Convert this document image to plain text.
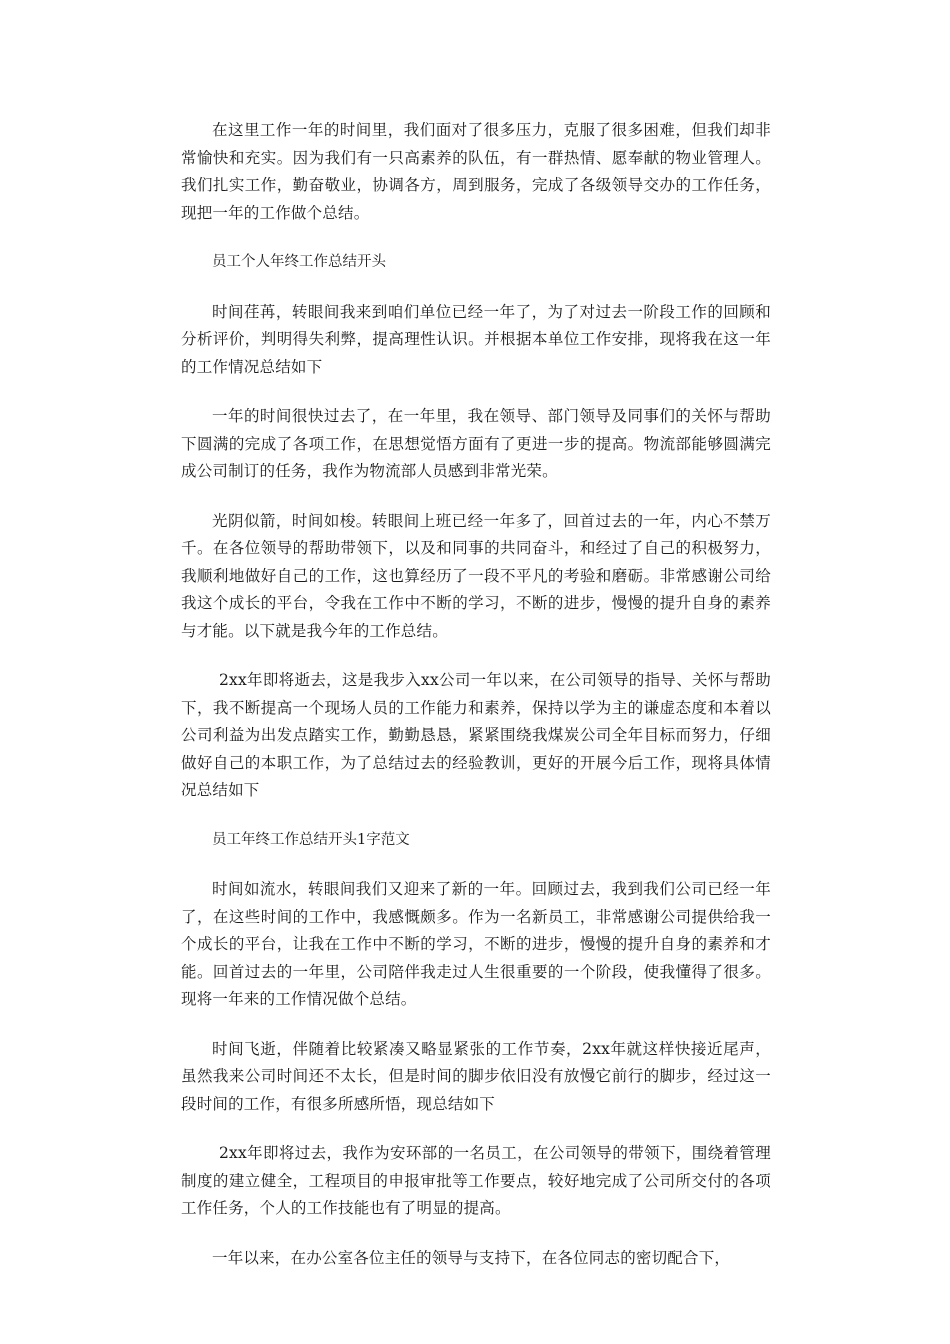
在这里工作一年的时间里，我们面对了很多压力，克服了很多困难，但我们却非常愉快和充实。因为我们有一只高素养的队伍，有一群热情、愿奉献的物业管理人。我们扎实工作，勤奋敬业，协调各方，周到服务，完成了各级领导交办的工作任务，现把一年的工作做个总结。

员工个人年终工作总结开头

时间荏苒，转眼间我来到咱们单位已经一年了，为了对过去一阶段工作的回顾和分析评价，判明得失利弊，提高理性认识。并根据本单位工作安排，现将我在这一年的工作情况总结如下

一年的时间很快过去了，在一年里，我在领导、部门领导及同事们的关怀与帮助下圆满的完成了各项工作，在思想觉悟方面有了更进一步的提高。物流部能够圆满完成公司制订的任务，我作为物流部人员感到非常光荣。

光阴似箭，时间如梭。转眼间上班已经一年多了，回首过去的一年，内心不禁万千。在各位领导的帮助带领下，以及和同事的共同奋斗，和经过了自己的积极努力，我顺利地做好自己的工作，这也算经历了一段不平凡的考验和磨砺。非常感谢公司给我这个成长的平台，令我在工作中不断的学习，不断的进步，慢慢的提升自身的素养与才能。以下就是我今年的工作总结。

2xx年即将逝去，这是我步入xx公司一年以来，在公司领导的指导、关怀与帮助下，我不断提高一个现场人员的工作能力和素养，保持以学为主的谦虚态度和本着以公司利益为出发点踏实工作，勤勤恳恳，紧紧围绕我煤炭公司全年目标而努力，仔细做好自己的本职工作，为了总结过去的经验教训，更好的开展今后工作，现将具体情况总结如下

员工年终工作总结开头1字范文

时间如流水，转眼间我们又迎来了新的一年。回顾过去，我到我们公司已经一年了，在这些时间的工作中，我感慨颇多。作为一名新员工，非常感谢公司提供给我一个成长的平台，让我在工作中不断的学习，不断的进步，慢慢的提升自身的素养和才能。回首过去的一年里，公司陪伴我走过人生很重要的一个阶段，使我懂得了很多。现将一年来的工作情况做个总结。

时间飞逝，伴随着比较紧凑又略显紧张的工作节奏，2xx年就这样快接近尾声，虽然我来公司时间还不太长，但是时间的脚步依旧没有放慢它前行的脚步，经过这一段时间的工作，有很多所感所悟，现总结如下

2xx年即将过去，我作为安环部的一名员工，在公司领导的带领下，围绕着管理制度的建立健全，工程项目的申报审批等工作要点，较好地完成了公司所交付的各项工作任务，个人的工作技能也有了明显的提高。

一年以来，在办公室各位主任的领导与支持下，在各位同志的密切配合下，
